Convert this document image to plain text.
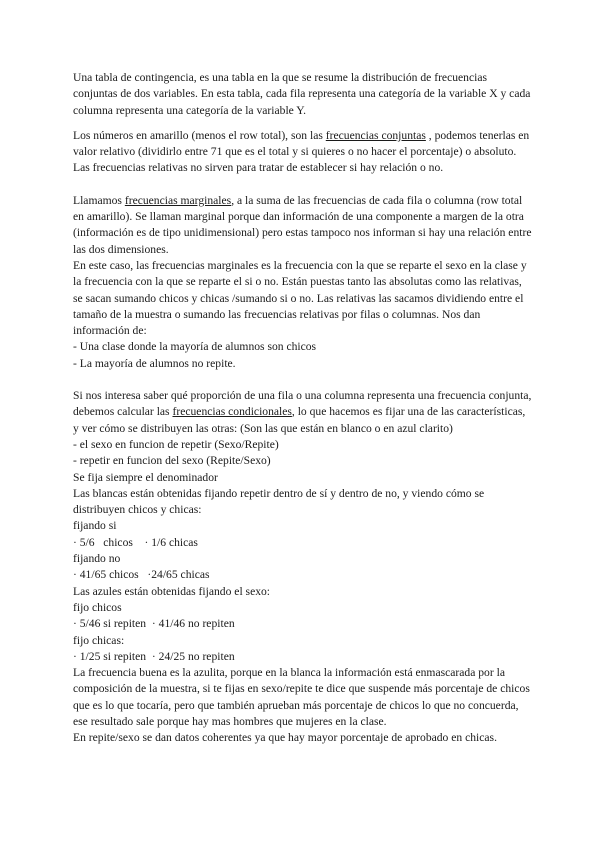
Una tabla de contingencia, es una tabla en la que se resume la distribución de frecuencias conjuntas de dos variables. En esta tabla, cada fila representa una categoría de la variable X y cada columna representa una categoría de la variable Y.

Los números en amarillo (menos el row total), son las frecuencias conjuntas , podemos tenerlas en valor relativo (dividirlo entre 71 que es el total y si quieres o no hacer el porcentaje) o absoluto.

Las frecuencias relativas no sirven para tratar de establecer si hay relación o no.

Llamamos frecuencias marginales, a la suma de las frecuencias de cada fila o columna (row total en amarillo). Se llaman marginal porque dan información de una componente a margen de la otra (información es de tipo unidimensional) pero estas tampoco nos informan si hay una relación entre las dos dimensiones.

En este caso, las frecuencias marginales es la frecuencia con la que se reparte el sexo en la clase y la frecuencia con la que se reparte el si o no. Están puestas tanto las absolutas como las relativas, se sacan sumando chicos y chicas /sumando si o no. Las relativas las sacamos dividiendo entre el tamaño de la muestra o sumando las frecuencias relativas por filas o columnas. Nos dan información de:

- Una clase donde la mayoría de alumnos son chicos

- La mayoría de alumnos no repite.

Si nos interesa saber qué proporción de una fila o una columna representa una frecuencia conjunta, debemos calcular las frecuencias condicionales, lo que hacemos es fijar una de las características, y ver cómo se distribuyen las otras: (Son las que están en blanco o en azul clarito)

- el sexo en funcion de repetir (Sexo/Repite)

- repetir en funcion del sexo (Repite/Sexo)

Se fija siempre el denominador

Las blancas están obtenidas fijando repetir dentro de sí y dentro de no, y viendo cómo se distribuyen chicos y chicas:

fijando si

· 5/6   chicos    · 1/6 chicas

fijando no

· 41/65 chicos   ·24/65 chicas

Las azules están obtenidas fijando el sexo:

fijo chicos

· 5/46 si repiten  · 41/46 no repiten

fijo chicas:

· 1/25 si repiten  · 24/25 no repiten

La frecuencia buena es la azulita, porque en la blanca la información está enmascarada por la composición de la muestra, si te fijas en sexo/repite te dice que suspende más porcentaje de chicos que es lo que tocaría, pero que también aprueban más porcentaje de chicos lo que no concuerda, ese resultado sale porque hay mas hombres que mujeres en la clase.

En repite/sexo se dan datos coherentes ya que hay mayor porcentaje de aprobado en chicas.
